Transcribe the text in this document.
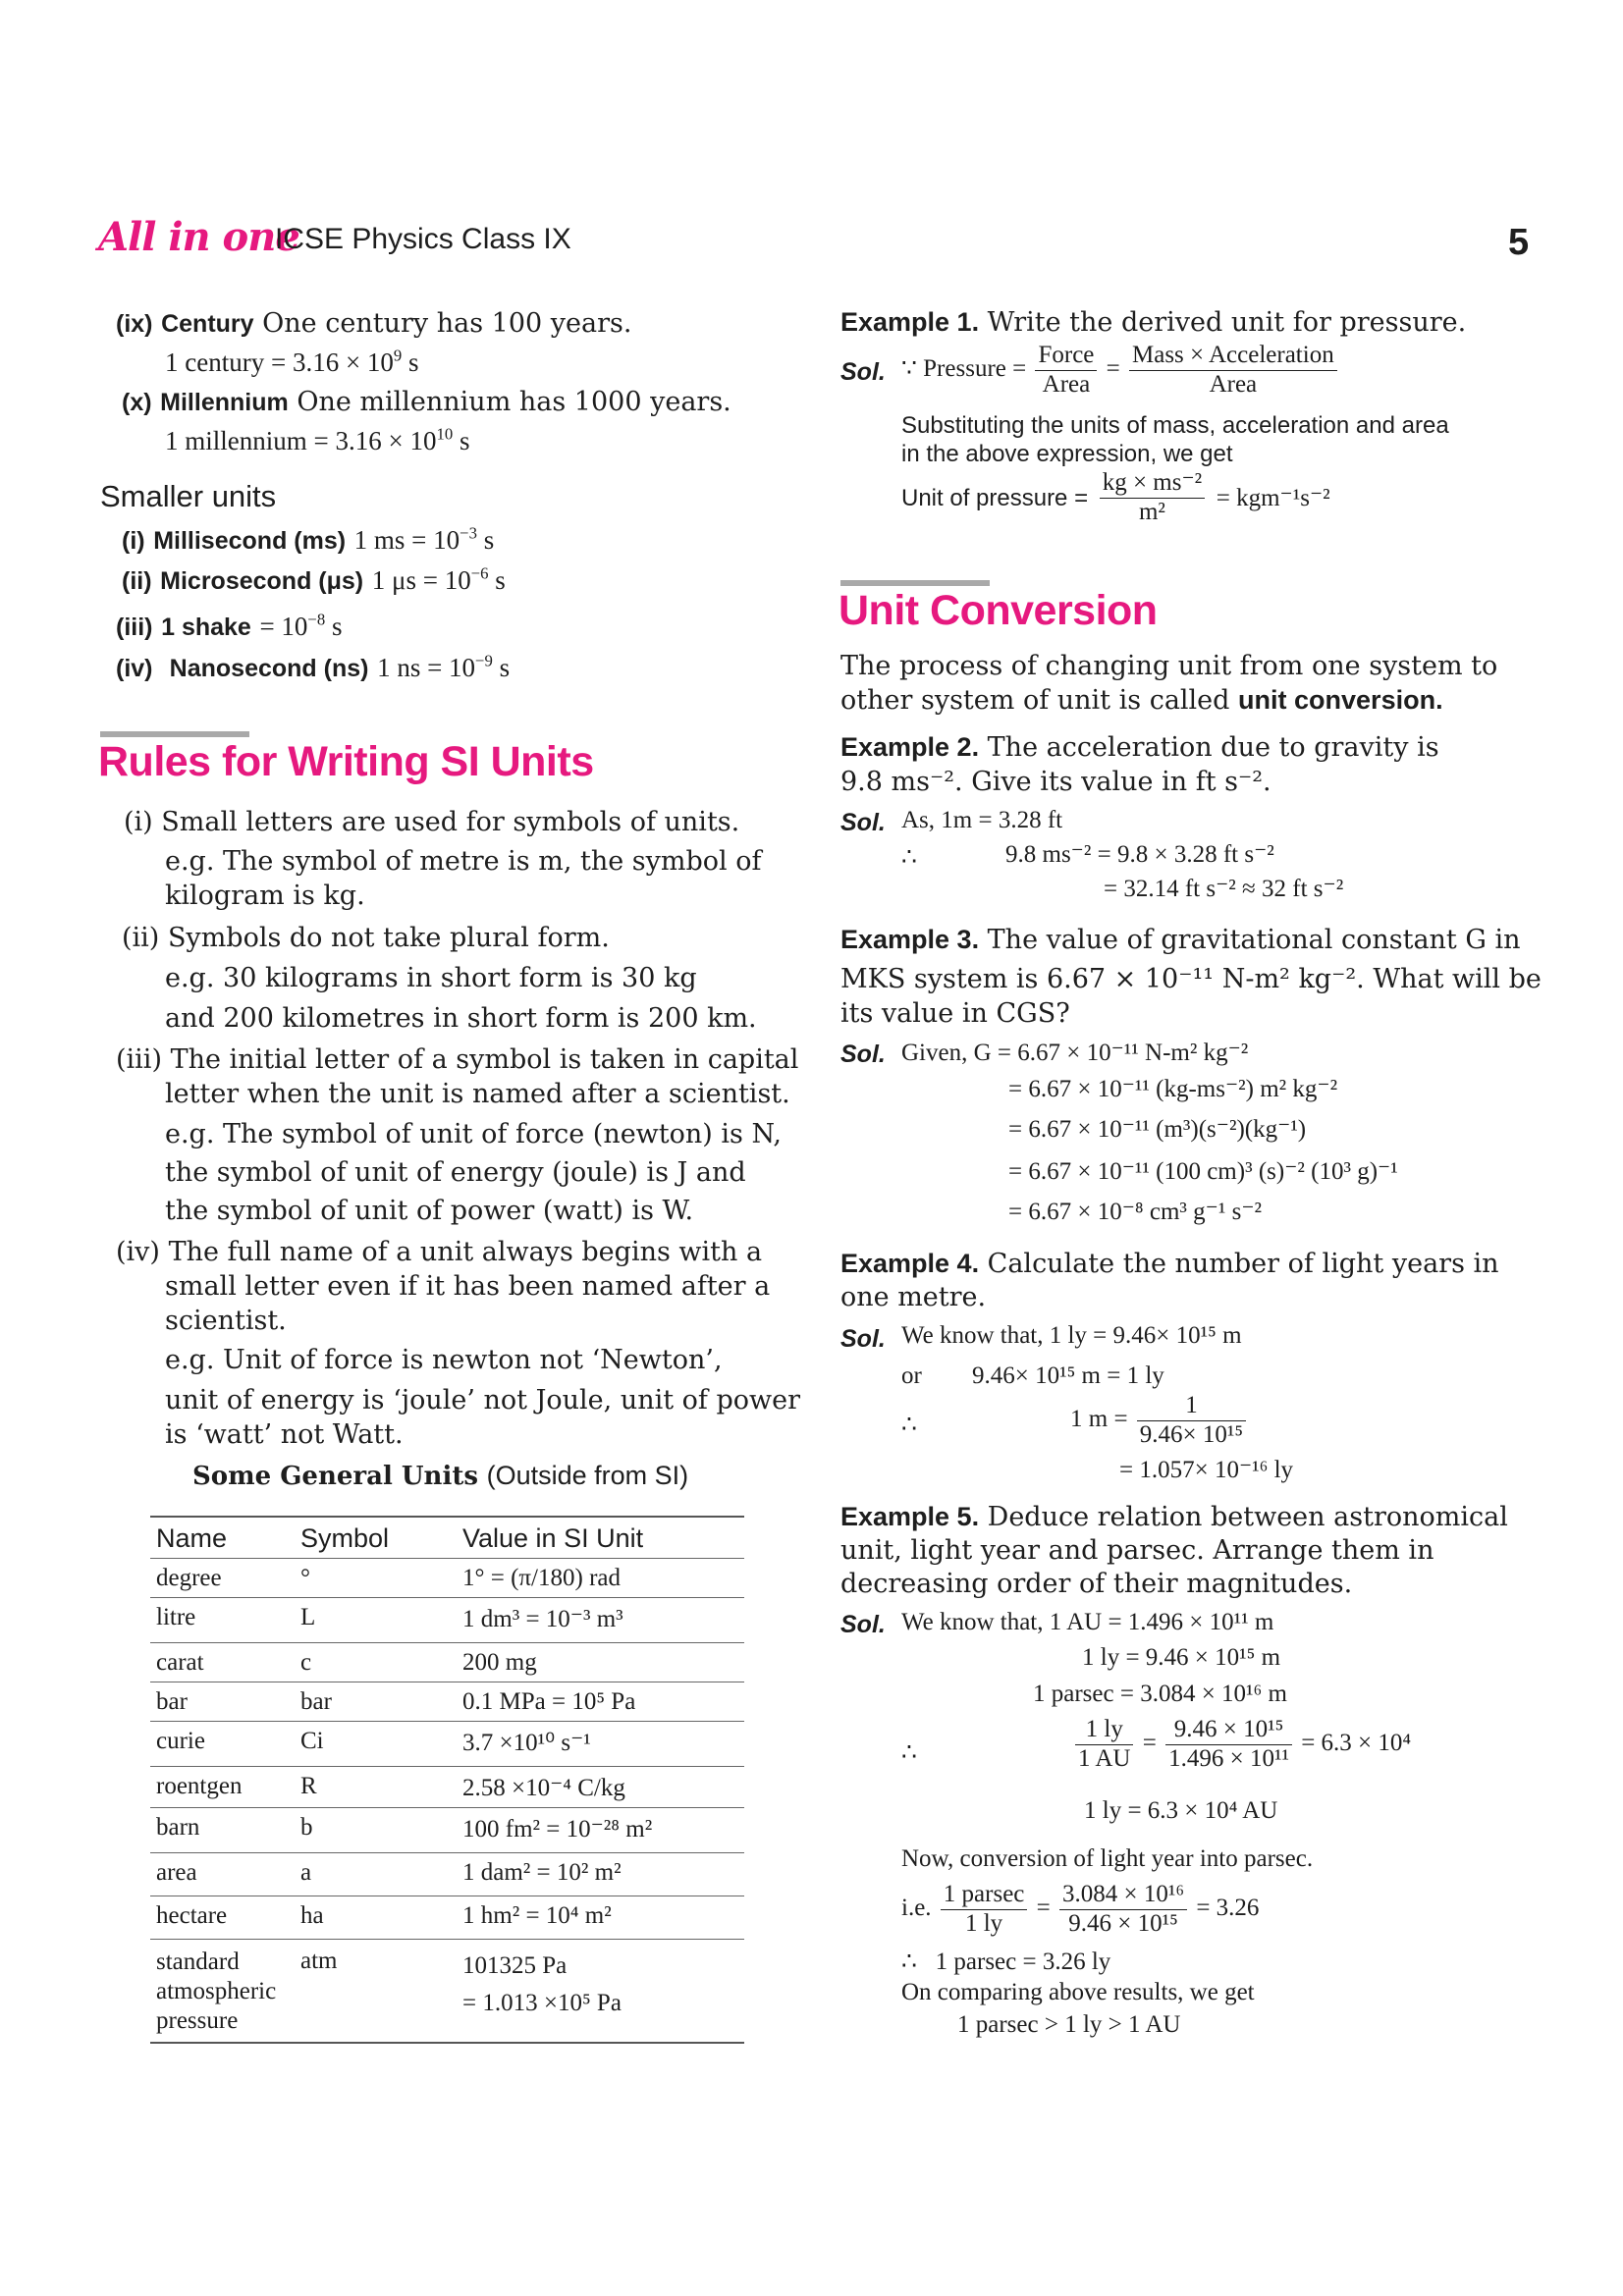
All in one
ICSE Physics Class IX	5
(ix) Century One century has 100 years.
1 century = $3.16 \times 10^9$ s
(x) Millennium One millennium has 1000 years.
1 millennium = $3.16 \times 10^{10}$ s
Smaller units
(i) Millisecond (ms) 1 ms = $10^{-3}$ s
(ii) Microsecond (μs) 1 $\mu s = 10^{-6}$ s
(iii) 1 shake = $10^{-8}$ s
(iv) Nanosecond (ns) 1 ns = $10^{-9}$ s
Rules for Writing SI Units
(i) Small letters are used for symbols of units.
e.g. The symbol of metre is m, the symbol of
kilogram is kg.
(ii) Symbols do not take plural form.
e.g. 30 kilograms in short form is 30 kg
and 200 kilometres in short form is 200 km.
(iii) The initial letter of a symbol is taken in capital
letter when the unit is named after a scientist.
e.g. The symbol of unit of force (newton) is N,
the symbol of unit of energy (joule) is J and
the symbol of unit of power (watt) is W.
(iv) The full name of a unit always begins with a
small letter even if it has been named after a
scientist.
e.g. Unit of force is newton not ‘Newton’,
unit of energy is ‘joule’ not Joule, unit of power
is ‘watt’ not Watt.
Some General Units (Outside from SI)
Name	Symbol	Value in SI Unit
degree	°	1° = (π/180) rad
litre	L	1 dm³ = 10⁻³ m³
carat	c	200 mg
bar	bar	0.1 MPa = 10⁵ Pa
curie	Ci	3.7 ×10¹⁰ s⁻¹
roentgen	R	2.58 ×10⁻⁴ C/kg
barn	b	100 fm² = 10⁻²⁸ m²
area	a	1 dam² = 10² m²
hectare	ha	1 hm² = 10⁴ m²
standard
atmospheric
pressure	atm	101325 Pa
= 1.013 ×10⁵ Pa
Example 1. Write the derived unit for pressure.
Sol. ∵ Pressure = $\frac{\text{Force}}{\text{Area}} = \frac{\text{Mass × Acceleration}}{\text{Area}}$
Substituting the units of mass, acceleration and area
in the above expression, we get
Unit of pressure = $\frac{\text{kg × ms⁻²}}{\text{m²}} = kgm^{-1}s^{-2}$
Unit Conversion
The process of changing unit from one system to
other system of unit is called unit conversion.
Example 2. The acceleration due to gravity is
9.8 ms⁻². Give its value in ft s⁻².
Sol. As, 1m = 3.28 ft
∴	9.8 ms⁻² = 9.8 × 3.28 ft s⁻²
= 32.14 ft s⁻² ≈ 32 ft s⁻²
Example 3. The value of gravitational constant G in
MKS system is 6.67 × 10⁻¹¹ N-m² kg⁻². What will be
its value in CGS?
Sol. Given, G = 6.67 × 10⁻¹¹ N-m² kg⁻²
= 6.67 × 10⁻¹¹ (kg-ms⁻²) m² kg⁻²
= 6.67 × 10⁻¹¹ (m³)(s⁻²)(kg⁻¹)
= 6.67 × 10⁻¹¹ (100 cm)³ (s)⁻² (10³ g)⁻¹
= 6.67 × 10⁻⁸ cm³ g⁻¹ s⁻²
Example 4. Calculate the number of light years in
one metre.
Sol. We know that, 1 ly = 9.46× 10¹⁵ m
or 9.46× 10¹⁵ m = 1 ly
∴	1 $m = \frac{1}{\text{9.46× 10¹⁵}}$
= 1.057× 10⁻¹⁶ ly
Example 5. Deduce relation between astronomical
unit, light year and parsec. Arrange them in
decreasing order of their magnitudes.
Sol. We know that, 1 AU = 1.496 × 10¹¹ m
1 ly = 9.46 × 10¹⁵ m
1 parsec = 3.084 × 10¹⁶ m
∴	$\frac{1 ly}{1 AU} = \frac{\text{9.46 × 10¹⁵}}{\text{1.496 × 10¹¹}} = 6.3 \times 10^4$
1 ly = 6.3 × 10⁴ AU
Now, conversion of light year into parsec.
i.e. $\frac{\text{1 parsec}}{1 ly} = \frac{\text{3.084 × 10¹⁶}}{\text{9.46 × 10¹⁵}} = 3.26$
∴ 1 parsec = 3.26 ly
On comparing above results, we get
1 parsec > 1 ly > 1 AU
